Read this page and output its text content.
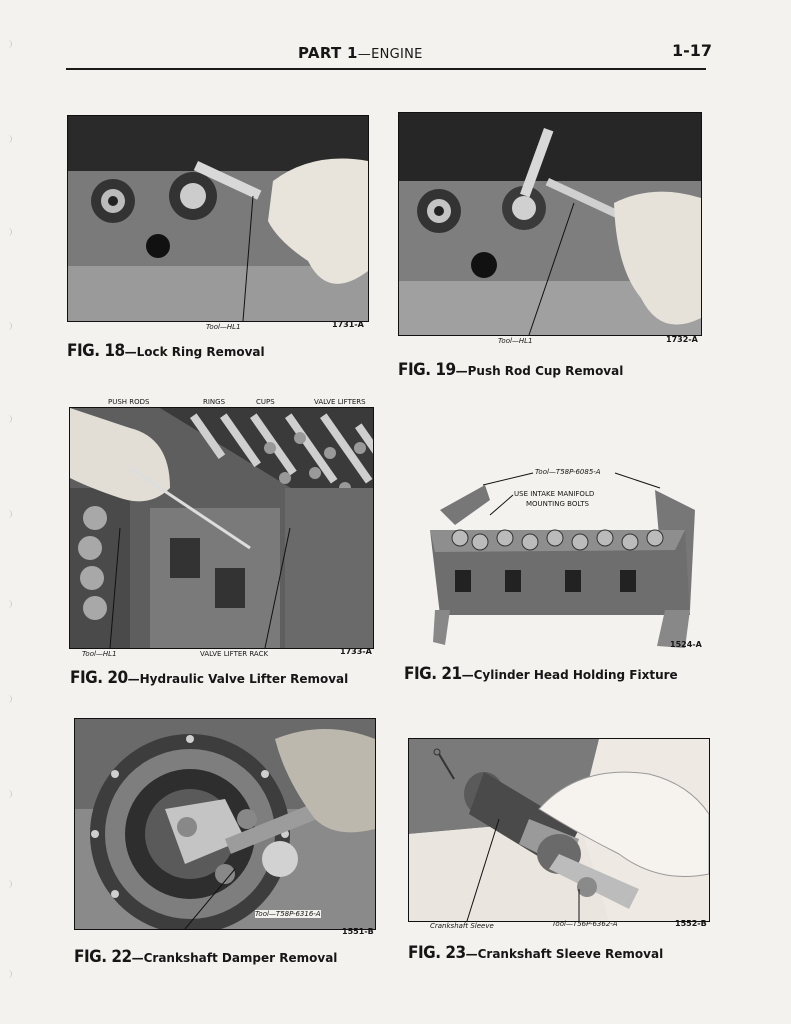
PART 1—ENGINE	1-17
Tool—HL1	1731-A
FIG. 18—Lock Ring Removal
Tool—HL1	1732-A
FIG. 19—Push Rod Cup Removal
PUSH RODS	RINGS	CUPS	VALVE LIFTERS
Tool—HL1	VALVE LIFTER RACK	1733-A
FIG. 20—Hydraulic Valve Lifter Removal
Tool—T58P-6085-A
USE INTAKE MANIFOLD
MOUNTING BOLTS
1524-A
FIG. 21—Cylinder Head Holding Fixture
Tool—T58P-6316-A
1551-B
FIG. 22—Crankshaft Damper Removal
Crankshaft Sleeve	Tool—T56P-6362-A	1552-B
FIG. 23—Crankshaft Sleeve Removal
